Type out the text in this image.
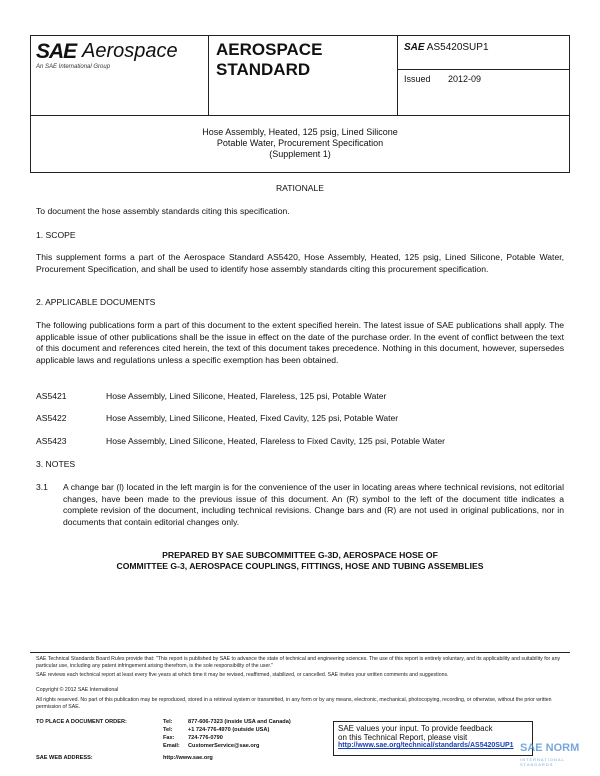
SAE Aerospace
An SAE International Group
AEROSPACE STANDARD
SAE AS5420SUP1
Issued 2012-09
Hose Assembly, Heated, 125 psig, Lined Silicone
Potable Water, Procurement Specification
(Supplement 1)
RATIONALE
To document the hose assembly standards citing this specification.
1. SCOPE
This supplement forms a part of the Aerospace Standard AS5420, Hose Assembly, Heated, 125 psig, Lined Silicone, Potable Water, Procurement Specification, and shall be used to identify hose assembly standards citing this procurement specification.
2. APPLICABLE DOCUMENTS
The following publications form a part of this document to the extent specified herein. The latest issue of SAE publications shall apply. The applicable issue of other publications shall be the issue in effect on the date of the purchase order. In the event of conflict between the text of this document and references cited herein, the text of this document takes precedence. Nothing in this document, however, supersedes applicable laws and regulations unless a specific exemption has been obtained.
AS5421	Hose Assembly, Lined Silicone, Heated, Flareless, 125 psi, Potable Water
AS5422	Hose Assembly, Lined Silicone, Heated, Fixed Cavity, 125 psi, Potable Water
AS5423	Hose Assembly, Lined Silicone, Heated, Flareless to Fixed Cavity, 125 psi, Potable Water
3. NOTES
3.1 A change bar (l) located in the left margin is for the convenience of the user in locating areas where technical revisions, not editorial changes, have been made to the previous issue of this document. An (R) symbol to the left of the document title indicates a complete revision of the document, including technical revisions. Change bars and (R) are not used in original publications, nor in documents that contain editorial changes only.
PREPARED BY SAE SUBCOMMITTEE G-3D, AEROSPACE HOSE OF
COMMITTEE G-3, AEROSPACE COUPLINGS, FITTINGS, HOSE AND TUBING ASSEMBLIES
SAE Technical Standards Board Rules provide that: "This report is published by SAE to advance the state of technical and engineering sciences. The use of this report is entirely voluntary, and its applicability and suitability for any particular use, including any patent infringement arising therefrom, is the sole responsibility of the user."
SAE reviews each technical report at least every five years at which time it may be revised, reaffirmed, stabilized, or cancelled. SAE invites your written comments and suggestions.
Copyright © 2012 SAE International
All rights reserved. No part of this publication may be reproduced, stored in a retrieval system or transmitted, in any form or by any means, electronic, mechanical, photocopying, recording, or otherwise, without the prior written permission of SAE.
TO PLACE A DOCUMENT ORDER:	Tel:	877-606-7323 (inside USA and Canada)
Tel:	+1 724-776-4970 (outside USA)
Fax: 724-776-0790
Email: CustomerService@sae.org
SAE WEB ADDRESS:	http://www.sae.org
SAE values your input. To provide feedback
on this Technical Report, please visit
http://www.sae.org/technical/standards/AS5420SUP1 SAE NORM
INTERNATIONAL STANDARDS
